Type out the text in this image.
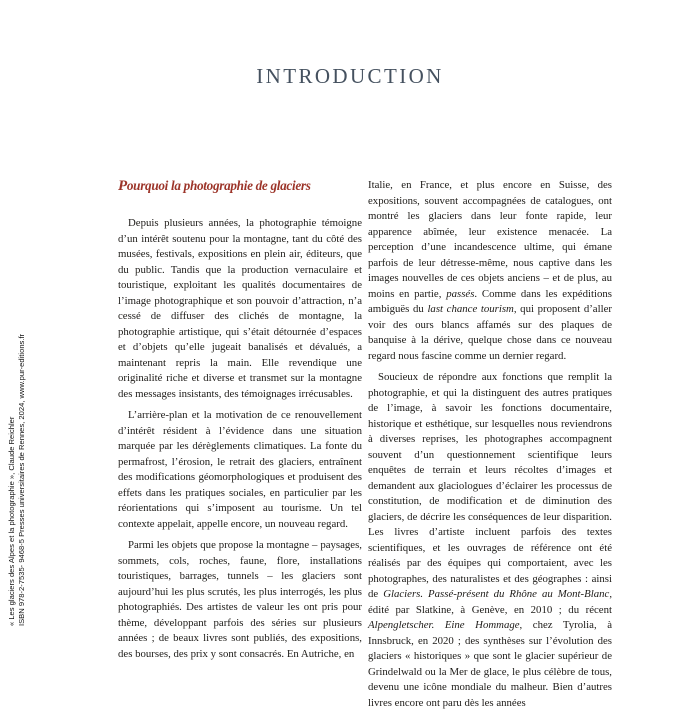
INTRODUCTION
Pourquoi la photographie de glaciers

Depuis plusieurs années, la photographie témoigne d’un intérêt soutenu pour la montagne, tant du côté des musées, festivals, expositions en plein air, éditeurs, que du public. Tandis que la production vernaculaire et touristique, exploitant les qualités documentaires de l’image photographique et son pouvoir d’attraction, n’a cessé de diffuser des clichés de montagne, la photographie artistique, qui s’était détournée d’espaces et d’objets qu’elle jugeait banalisés et dévalués, a maintenant repris la main. Elle revendique une originalité riche et diverse et transmet sur la montagne des messages insistants, des témoignages irrécusables.

L’arrière-plan et la motivation de ce renouvellement d’intérêt résident à l’évidence dans une situation marquée par les dérèglements climatiques. La fonte du permafrost, l’érosion, le retrait des glaciers, entraînent des modifications géomorphologiques et produisent des effets dans les pratiques sociales, en particulier par les réorientations qui s’imposent au tourisme. Un tel contexte appelait, appelle encore, un nouveau regard.

Parmi les objets que propose la montagne – paysages, sommets, cols, roches, faune, flore, installations touristiques, barrages, tunnels – les glaciers sont aujourd’hui les plus scrutés, les plus interrogés, les plus photographiés. Des artistes de valeur les ont pris pour thème, développant parfois des séries sur plusieurs années ; de beaux livres sont publiés, des expositions, des bourses, des prix y sont consacrés. En Autriche, en

Italie, en France, et plus encore en Suisse, des expositions, souvent accompagnées de catalogues, ont montré les glaciers dans leur fonte rapide, leur apparence abîmée, leur existence menacée. La perception d’une incandescence ultime, qui émane parfois de leur détresse-même, nous captive dans les images nouvelles de ces objets anciens – et de plus, au moins en partie, passés. Comme dans les expéditions ambiguës du last chance tourism, qui proposent d’aller voir des ours blancs affamés sur des plaques de banquise à la dérive, quelque chose dans ce nouveau regard nous fascine comme un dernier regard.

Soucieux de répondre aux fonctions que remplit la photographie, et qui la distinguent des autres pratiques de l’image, à savoir les fonctions documentaire, historique et esthétique, sur lesquelles nous reviendrons à diverses reprises, les photographes accompagnent souvent d’un questionnement scientifique leurs enquêtes de terrain et leurs récoltes d’images et demandent aux glaciologues d’éclairer les processus de constitution, de modification et de diminution des glaciers, de décrire les conséquences de leur disparition. Les livres d’artiste incluent parfois des textes scientifiques, et les ouvrages de référence ont été réalisés par des équipes qui comportaient, avec les photographes, des naturalistes et des géographes : ainsi de Glaciers. Passé-présent du Rhône au Mont-Blanc, édité par Slatkine, à Genève, en 2010 ; du récent Alpengletscher. Eine Hommage, chez Tyrolia, à Innsbruck, en 2020 ; des synthèses sur l’évolution des glaciers « historiques » que sont le glacier supérieur de Grindelwald ou la Mer de glace, le plus célèbre de tous, devenu une icône mondiale du malheur. Bien d’autres livres encore ont paru dès les années

« Les glaciers des Alpes et la photographie », Claude Reichler ISBN 978-2-7535- 9468-5 Presses universitaires de Rennes, 2024, www.pur-editions.fr
